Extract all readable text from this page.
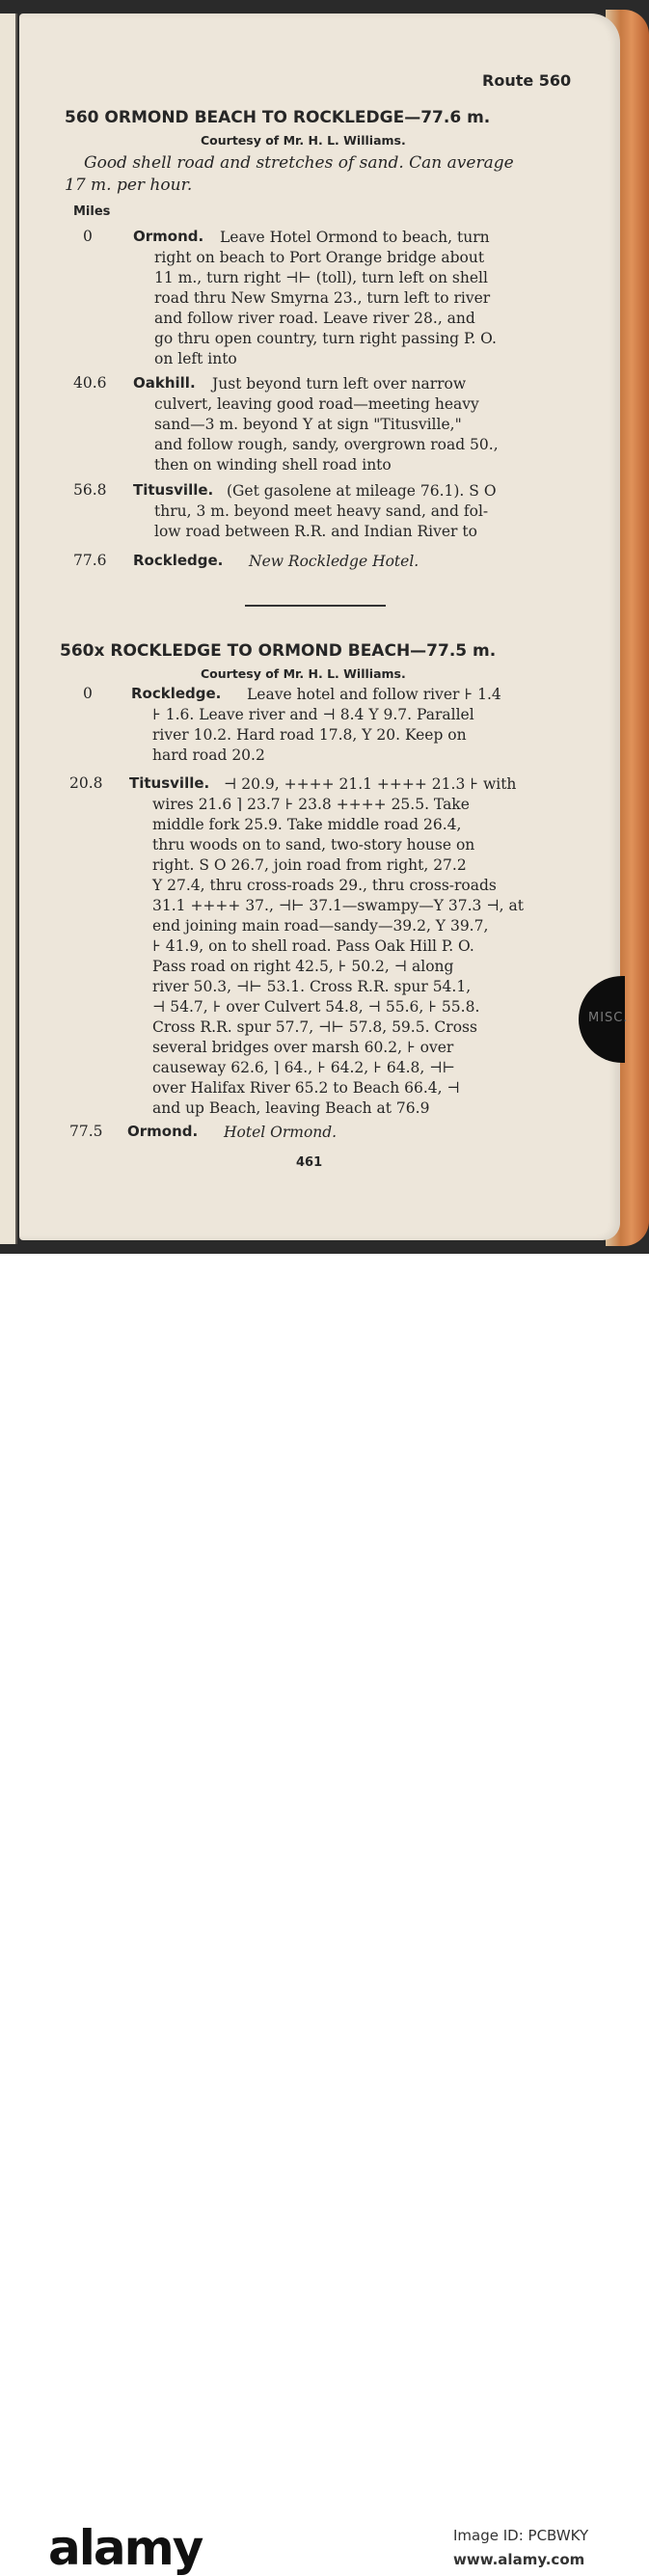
Route 560
560 ORMOND BEACH TO ROCKLEDGE—77.6 m.
Courtesy of Mr. H. L. Williams.
Good shell road and stretches of sand. Can average
17 m. per hour.
Miles
0	Ormond. Leave Hotel Ormond to beach, turn
right on beach to Port Orange bridge about
11 m., turn right ⊣⊢ (toll), turn left on shell
road thru New Smyrna 23., turn left to river
and follow river road. Leave river 28., and
go thru open country, turn right passing P. O.
on left into
40.6 Oakhill. Just beyond turn left over narrow
culvert, leaving good road—meeting heavy
sand—3 m. beyond Y at sign "Titusville,"
and follow rough, sandy, overgrown road 50.,
then on winding shell road into
56.8 Titusville. (Get gasolene at mileage 76.1). S O
thru, 3 m. beyond meet heavy sand, and fol-
low road between R.R. and Indian River to
77.6 Rockledge. New Rockledge Hotel.
560x ROCKLEDGE TO ORMOND BEACH—77.5 m.
Courtesy of Mr. H. L. Williams.
0	Rockledge. Leave hotel and follow river ⊦ 1.4
⊦ 1.6. Leave river and ⊣ 8.4 Y 9.7. Parallel
river 10.2. Hard road 17.8, Y 20. Keep on
hard road 20.2
20.8 Titusville. ⊣ 20.9, ++++ 21.1 ++++ 21.3 ⊦ with
wires 21.6 ⌉ 23.7 ⊦ 23.8 ++++ 25.5. Take
middle fork 25.9. Take middle road 26.4,
thru woods on to sand, two-story house on
right. S O 26.7, join road from right, 27.2
Y 27.4, thru cross-roads 29., thru cross-roads
31.1 ++++ 37., ⊣⊢ 37.1—swampy—Y 37.3 ⊣, at
end joining main road—sandy—39.2, Y 39.7,
⊦ 41.9, on to shell road. Pass Oak Hill P. O.
Pass road on right 42.5, ⊦ 50.2, ⊣ along
river 50.3, ⊣⊢ 53.1. Cross R.R. spur 54.1,
⊣ 54.7, ⊦ over Culvert 54.8, ⊣ 55.6, ⊦ 55.8.
Cross R.R. spur 57.7, ⊣⊢ 57.8, 59.5. Cross
several bridges over marsh 60.2, ⊦ over
causeway 62.6, ⌉ 64., ⊦ 64.2, ⊦ 64.8, ⊣⊢
over Halifax River 65.2 to Beach 66.4, ⊣
and up Beach, leaving Beach at 76.9
77.5 Ormond. Hotel Ormond.
461
MISC.
alamy	Image ID: PCBWKY
www.alamy.com
